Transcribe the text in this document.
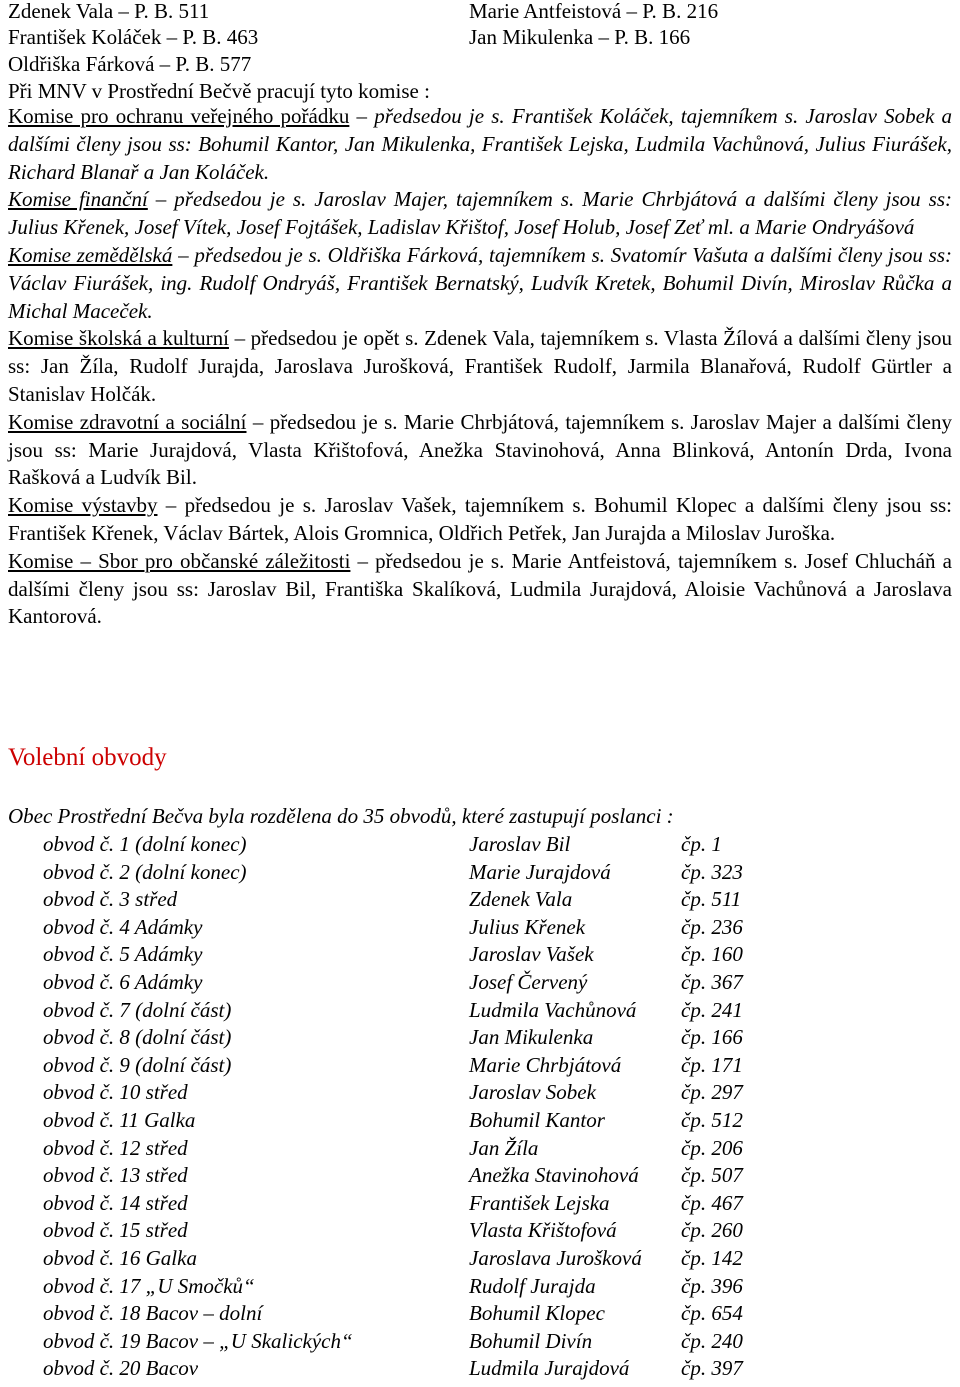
Zdenek Vala – P. B. 511	Marie Antfeistová – P. B. 216
František Koláček – P. B. 463	Jan Mikulenka – P. B. 166
Oldřiška Fárková – P. B. 577
Při MNV v Prostřední Bečvě pracují tyto komise :

Komise pro ochranu veřejného pořádku – předsedou je s. František Koláček, tajemníkem s. Jaroslav Sobek a dalšími členy jsou ss: Bohumil Kantor, Jan Mikulenka, František Lejska, Ludmila Vachůnová, Julius Fiurášek, Richard Blanař a Jan Koláček.

Komise finanční – předsedou je s. Jaroslav Majer, tajemníkem s. Marie Chrbjátová a dalšími členy jsou ss: Julius Křenek, Josef Vítek, Josef Fojtášek, Ladislav Křištof, Josef Holub, Josef Zeť ml. a Marie Ondryášová

Komise zemědělská – předsedou je s. Oldřiška Fárková, tajemníkem s. Svatomír Vašuta a dalšími členy jsou ss: Václav Fiurášek, ing. Rudolf Ondryáš, František Bernatský, Ludvík Kretek, Bohumil Divín, Miroslav Růčka a Michal Maceček.

Komise školská a kulturní – předsedou je opět s. Zdenek Vala, tajemníkem s. Vlasta Žílová a dalšími členy jsou ss: Jan Žíla, Rudolf Jurajda, Jaroslava Jurošková, František Rudolf, Jarmila Blanařová, Rudolf Gürtler a Stanislav Holčák.

Komise zdravotní a sociální – předsedou je s. Marie Chrbjátová, tajemníkem s. Jaroslav Majer a dalšími členy jsou ss: Marie Jurajdová, Vlasta Křištofová, Anežka Stavinohová, Anna Blinková, Antonín Drda, Ivona Rašková a Ludvík Bil.

Komise výstavby – předsedou je s. Jaroslav Vašek, tajemníkem s. Bohumil Klopec a dalšími členy jsou ss: František Křenek, Václav Bártek, Alois Gromnica, Oldřich Petřek, Jan Jurajda a Miloslav Juroška.

Komise – Sbor pro občanské záležitosti – předsedou je s. Marie Antfeistová, tajemníkem s. Josef Chlucháň a dalšími členy jsou ss: Jaroslav Bil, Františka Skalíková, Ludmila Jurajdová, Aloisie Vachůnová a Jaroslava Kantorová.

Volební obvody
Obec Prostřední Bečva byla rozdělena do 35 obvodů, které zastupují poslanci :
obvod č. 1 (dolní konec)	Jaroslav Bil	čp. 1
obvod č. 2 (dolní konec)	Marie Jurajdová	čp. 323
obvod č. 3 střed	Zdenek Vala	čp. 511
obvod č. 4 Adámky	Julius Křenek	čp. 236
obvod č. 5 Adámky	Jaroslav Vašek	čp. 160
obvod č. 6 Adámky	Josef Červený	čp. 367
obvod č. 7 (dolní část)	Ludmila Vachůnová čp. 241
obvod č. 8 (dolní část)	Jan Mikulenka	čp. 166
obvod č. 9 (dolní část)	Marie Chrbjátová	čp. 171
obvod č. 10 střed	Jaroslav Sobek	čp. 297
obvod č. 11 Galka	Bohumil Kantor	čp. 512
obvod č. 12 střed	Jan Žíla	čp. 206
obvod č. 13 střed	Anežka Stavinohová čp. 507
obvod č. 14 střed	František Lejska	čp. 467
obvod č. 15 střed	Vlasta Křištofová	čp. 260
obvod č. 16 Galka	Jaroslava Jurošková čp. 142
obvod č. 17 „U Smočků“	Rudolf Jurajda	čp. 396
obvod č. 18 Bacov – dolní	Bohumil Klopec	čp. 654
obvod č. 19 Bacov – „U Skalických“	Bohumil Divín	čp. 240
obvod č. 20 Bacov	Ludmila Jurajdová čp. 397
